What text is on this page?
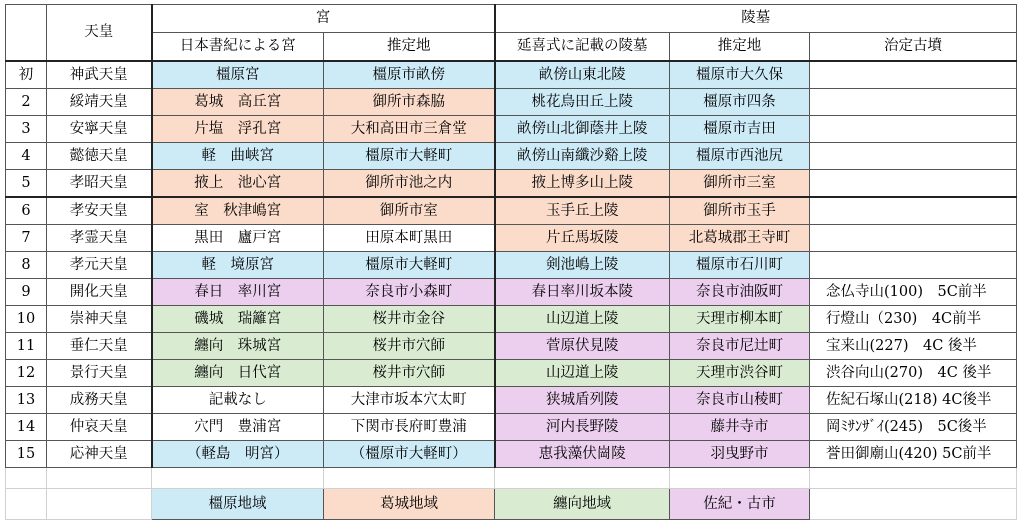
	天皇	宮		陵墓		
		日本書紀による宮	推定地	延喜式に記載の陵墓	推定地	治定古墳
初	神武天皇	橿原宮	橿原市畝傍	畝傍山東北陵	橿原市大久保	
2	綏靖天皇	葛城　高丘宮	御所市森脇	桃花鳥田丘上陵	橿原市四条	
3	安寧天皇	片塩　浮孔宮	大和高田市三倉堂	畝傍山北御蔭井上陵	橿原市吉田	
4	懿徳天皇	軽　曲峡宮	橿原市大軽町	畝傍山南纖沙谿上陵	橿原市西池尻	
5	孝昭天皇	掖上　池心宮	御所市池之内	掖上博多山上陵	御所市三室	
6	孝安天皇	室　秋津嶋宮	御所市室	玉手丘上陵	御所市玉手	
7	孝霊天皇	黒田　廬戸宮	田原本町黒田	片丘馬坂陵	北葛城郡王寺町	
8	孝元天皇	軽　境原宮	橿原市大軽町	剣池嶋上陵	橿原市石川町	
9	開化天皇	春日　率川宮	奈良市小森町	春日率川坂本陵	奈良市油阪町	念仏寺山(100)　5C前半
10	崇神天皇	磯城　瑞籬宮	桜井市金谷	山辺道上陵	天理市柳本町	行燈山（230)　4C前半
11	垂仁天皇	纏向　珠城宮	桜井市穴師	菅原伏見陵	奈良市尼辻町	宝来山(227)　4C 後半
12	景行天皇	纏向　日代宮	桜井市穴師	山辺道上陵	天理市渋谷町	渋谷向山(270)　4C 後半
13	成務天皇	記載なし	大津市坂本穴太町	狭城盾列陵	奈良市山稜町	佐紀石塚山(218) 4C後半
14	仲哀天皇	穴門　豊浦宮	下関市長府町豊浦	河内長野陵	藤井寺市	岡ﾐｻﾝｻﾞｲ(245)　5C後半
15	応神天皇	（軽島　明宮）	（橿原市大軽町）	恵我藻伏崗陵	羽曳野市	誉田御廟山(420) 5C前半

		橿原地域	葛城地域	纏向地域	佐紀・古市	
